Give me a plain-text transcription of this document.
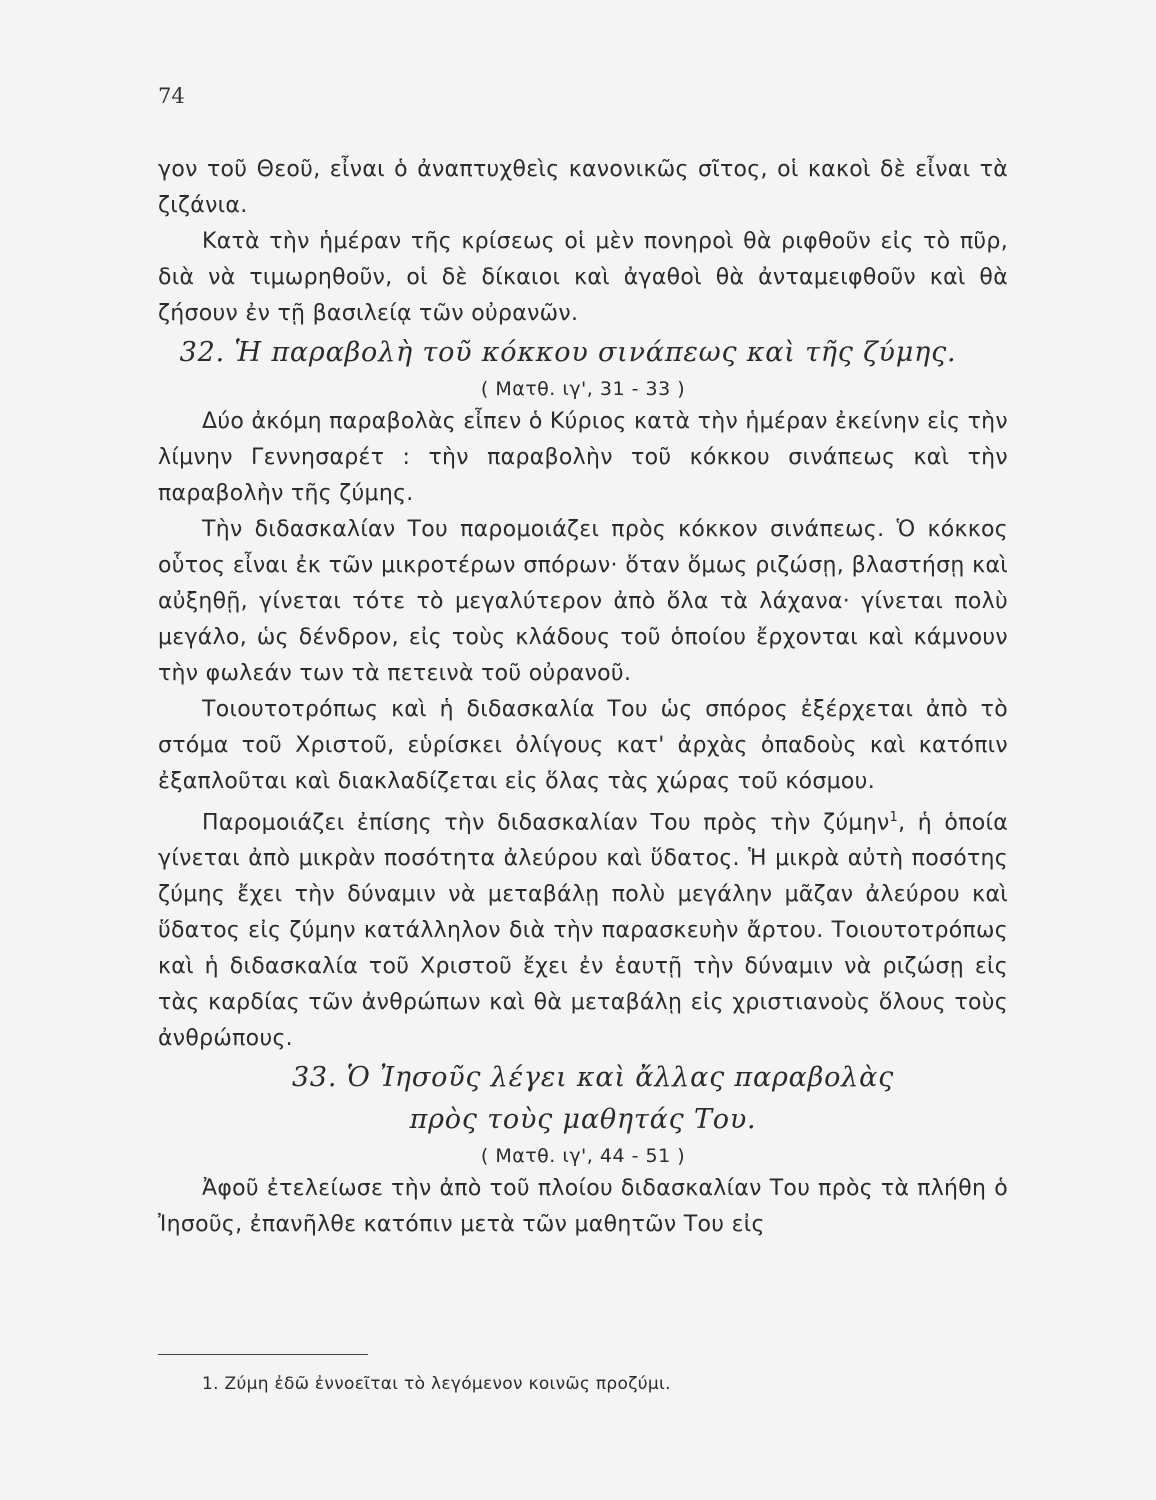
74

γον τοῦ Θεοῦ, εἶναι ὁ ἀναπτυχθεὶς κανονικῶς σῖτος, οἱ κακοὶ δὲ εἶναι τὰ ζιζάνια.

Κατὰ τὴν ἡμέραν τῆς κρίσεως οἱ μὲν πονηροὶ θὰ ριφθοῦν εἰς τὸ πῦρ, διὰ νὰ τιμωρηθοῦν, οἱ δὲ δίκαιοι καὶ ἀγαθοὶ θὰ ἀνταμειφθοῦν καὶ θὰ ζήσουν ἐν τῇ βασιλείᾳ τῶν οὐρανῶν.

32. Ἡ παραβολὴ τοῦ κόκκου σινάπεως καὶ τῆς ζύμης.

( Ματθ. ιγ', 31 - 33 )

Δύο ἀκόμη παραβολὰς εἶπεν ὁ Κύριος κατὰ τὴν ἡμέραν ἐκείνην εἰς τὴν λίμνην Γεννησαρέτ : τὴν παραβολὴν τοῦ κόκκου σινάπεως καὶ τὴν παραβολὴν τῆς ζύμης.

Τὴν διδασκαλίαν Του παρομοιάζει πρὸς κόκκον σινάπεως. Ὁ κόκκος οὗτος εἶναι ἐκ τῶν μικροτέρων σπόρων· ὅταν ὅμως ριζώσῃ, βλαστήσῃ καὶ αὐξηθῇ, γίνεται τότε τὸ μεγαλύτερον ἀπὸ ὅλα τὰ λάχανα· γίνεται πολὺ μεγάλο, ὡς δένδρον, εἰς τοὺς κλάδους τοῦ ὁποίου ἔρχονται καὶ κάμνουν τὴν φωλεάν των τὰ πετεινὰ τοῦ οὐρανοῦ.

Τοιουτοτρόπως καὶ ἡ διδασκαλία Του ὡς σπόρος ἐξέρχεται ἀπὸ τὸ στόμα τοῦ Χριστοῦ, εὑρίσκει ὀλίγους κατ' ἀρχὰς ὀπαδοὺς καὶ κατόπιν ἐξαπλοῦται καὶ διακλαδίζεται εἰς ὅλας τὰς χώρας τοῦ κόσμου.

Παρομοιάζει ἐπίσης τὴν διδασκαλίαν Του πρὸς τὴν ζύμην$^1$, ἡ ὁποία γίνεται ἀπὸ μικρὰν ποσότητα ἀλεύρου καὶ ὕδατος. Ἡ μικρὰ αὐτὴ ποσότης ζύμης ἔχει τὴν δύναμιν νὰ μεταβάλῃ πολὺ μεγάλην μᾶζαν ἀλεύρου καὶ ὕδατος εἰς ζύμην κατάλληλον διὰ τὴν παρασκευὴν ἄρτου. Τοιουτοτρόπως καὶ ἡ διδασκαλία τοῦ Χριστοῦ ἔχει ἐν ἑαυτῇ τὴν δύναμιν νὰ ριζώσῃ εἰς τὰς καρδίας τῶν ἀνθρώπων καὶ θὰ μεταβάλῃ εἰς χριστιανοὺς ὅλους τοὺς ἀνθρώπους.

33. Ὁ Ἰησοῦς λέγει καὶ ἄλλας παραβολὰς

πρὸς τοὺς μαθητάς Του.

( Ματθ. ιγ', 44 - 51 )

Ἀφοῦ ἐτελείωσε τὴν ἀπὸ τοῦ πλοίου διδασκαλίαν Του πρὸς τὰ πλήθη ὁ Ἰησοῦς, ἐπανῆλθε κατόπιν μετὰ τῶν μαθητῶν Του εἰς

1. Ζύμη ἐδῶ ἐννοεῖται τὸ λεγόμενον κοινῶς προζύμι.
